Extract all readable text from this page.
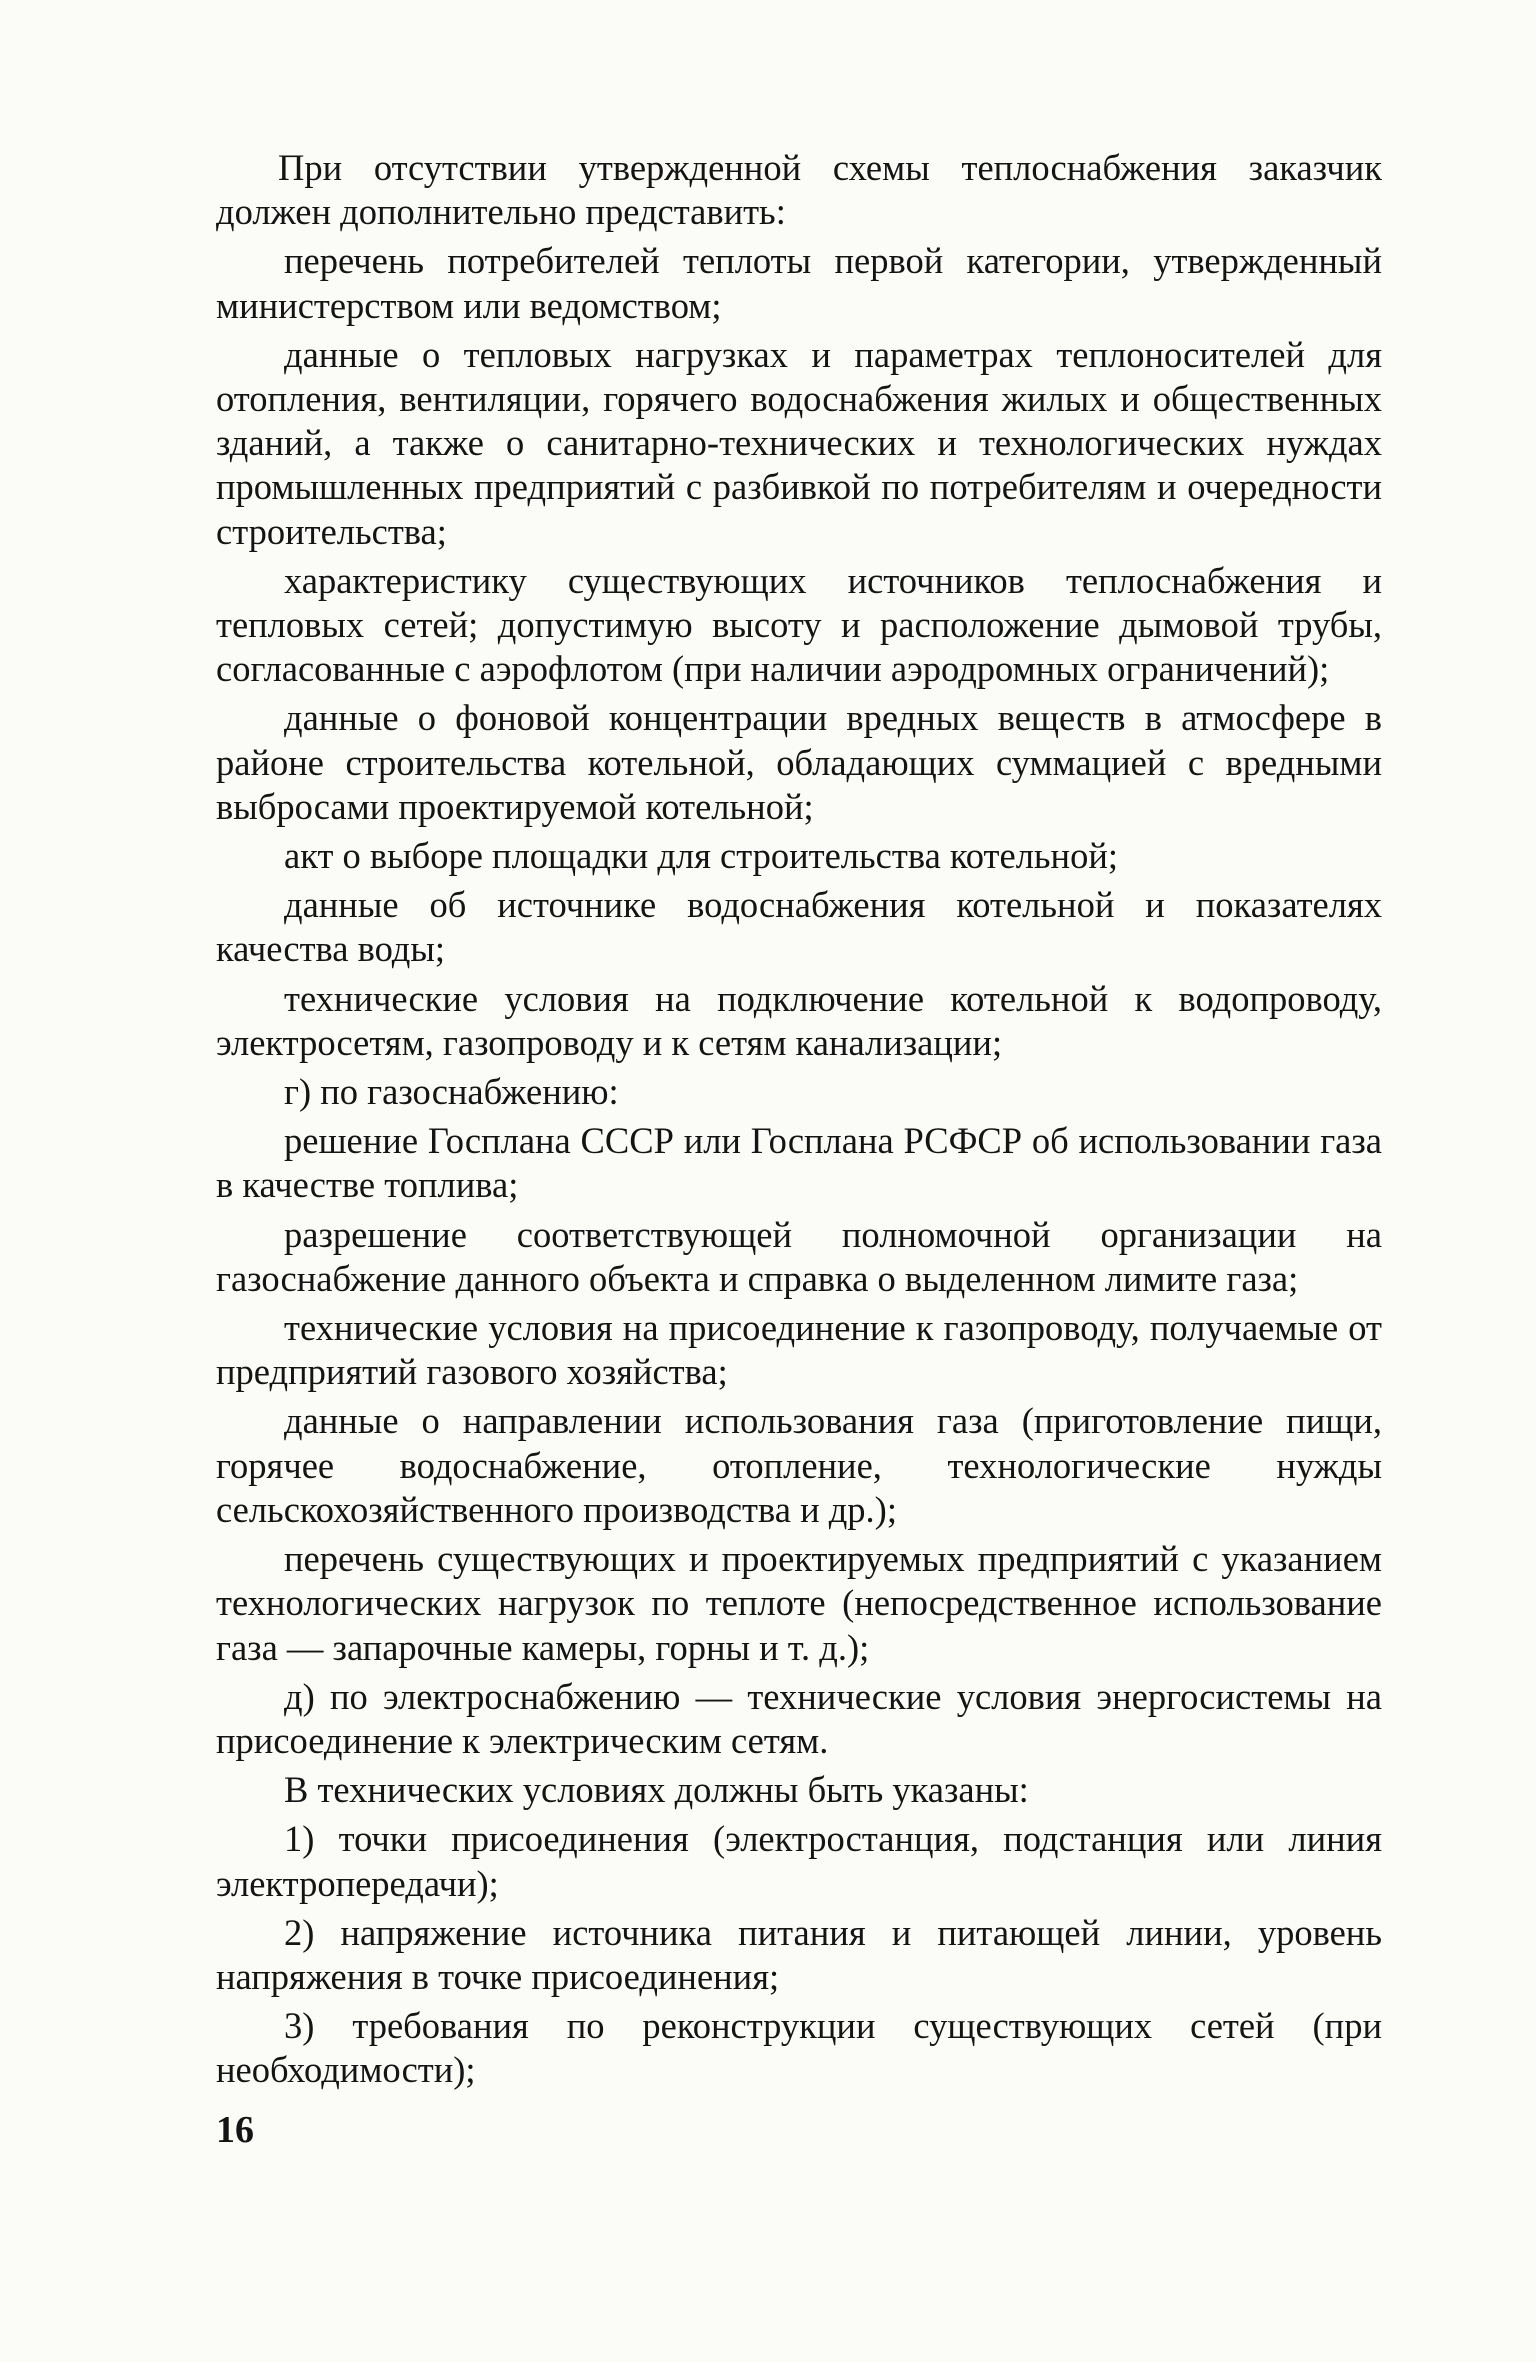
При отсутствии утвержденной схемы теплоснабжения заказчик должен дополнительно представить:

перечень потребителей теплоты первой категории, утвержденный министерством или ведомством;

данные о тепловых нагрузках и параметрах теплоносителей для отопления, вентиляции, горячего водоснабжения жилых и общественных зданий, а также о санитарно-технических и технологических нуждах промышленных предприятий с разбивкой по потребителям и очередности строительства;

характеристику существующих источников теплоснабжения и тепловых сетей; допустимую высоту и расположение дымовой трубы, согласованные с аэрофлотом (при наличии аэродромных ограничений);

данные о фоновой концентрации вредных веществ в атмосфере в районе строительства котельной, обладающих суммацией с вредными выбросами проектируемой котельной;

акт о выборе площадки для строительства котельной;

данные об источнике водоснабжения котельной и показателях качества воды;

технические условия на подключение котельной к водопроводу, электросетям, газопроводу и к сетям канализации;

г) по газоснабжению:

решение Госплана СССР или Госплана РСФСР об использовании газа в качестве топлива;

разрешение соответствующей полномочной организации на газоснабжение данного объекта и справка о выделенном лимите газа;

технические условия на присоединение к газопроводу, получаемые от предприятий газового хозяйства;

данные о направлении использования газа (приготовление пищи, горячее водоснабжение, отопление, технологические нужды сельскохозяйственного производства и др.);

перечень существующих и проектируемых предприятий с указанием технологических нагрузок по теплоте (непосредственное использование газа — запарочные камеры, горны и т. д.);

д) по электроснабжению — технические условия энергосистемы на присоединение к электрическим сетям.

В технических условиях должны быть указаны:

1) точки присоединения (электростанция, подстанция или линия электропередачи);

2) напряжение источника питания и питающей линии, уровень напряжения в точке присоединения;

3) требования по реконструкции существующих сетей (при необходимости);

16
